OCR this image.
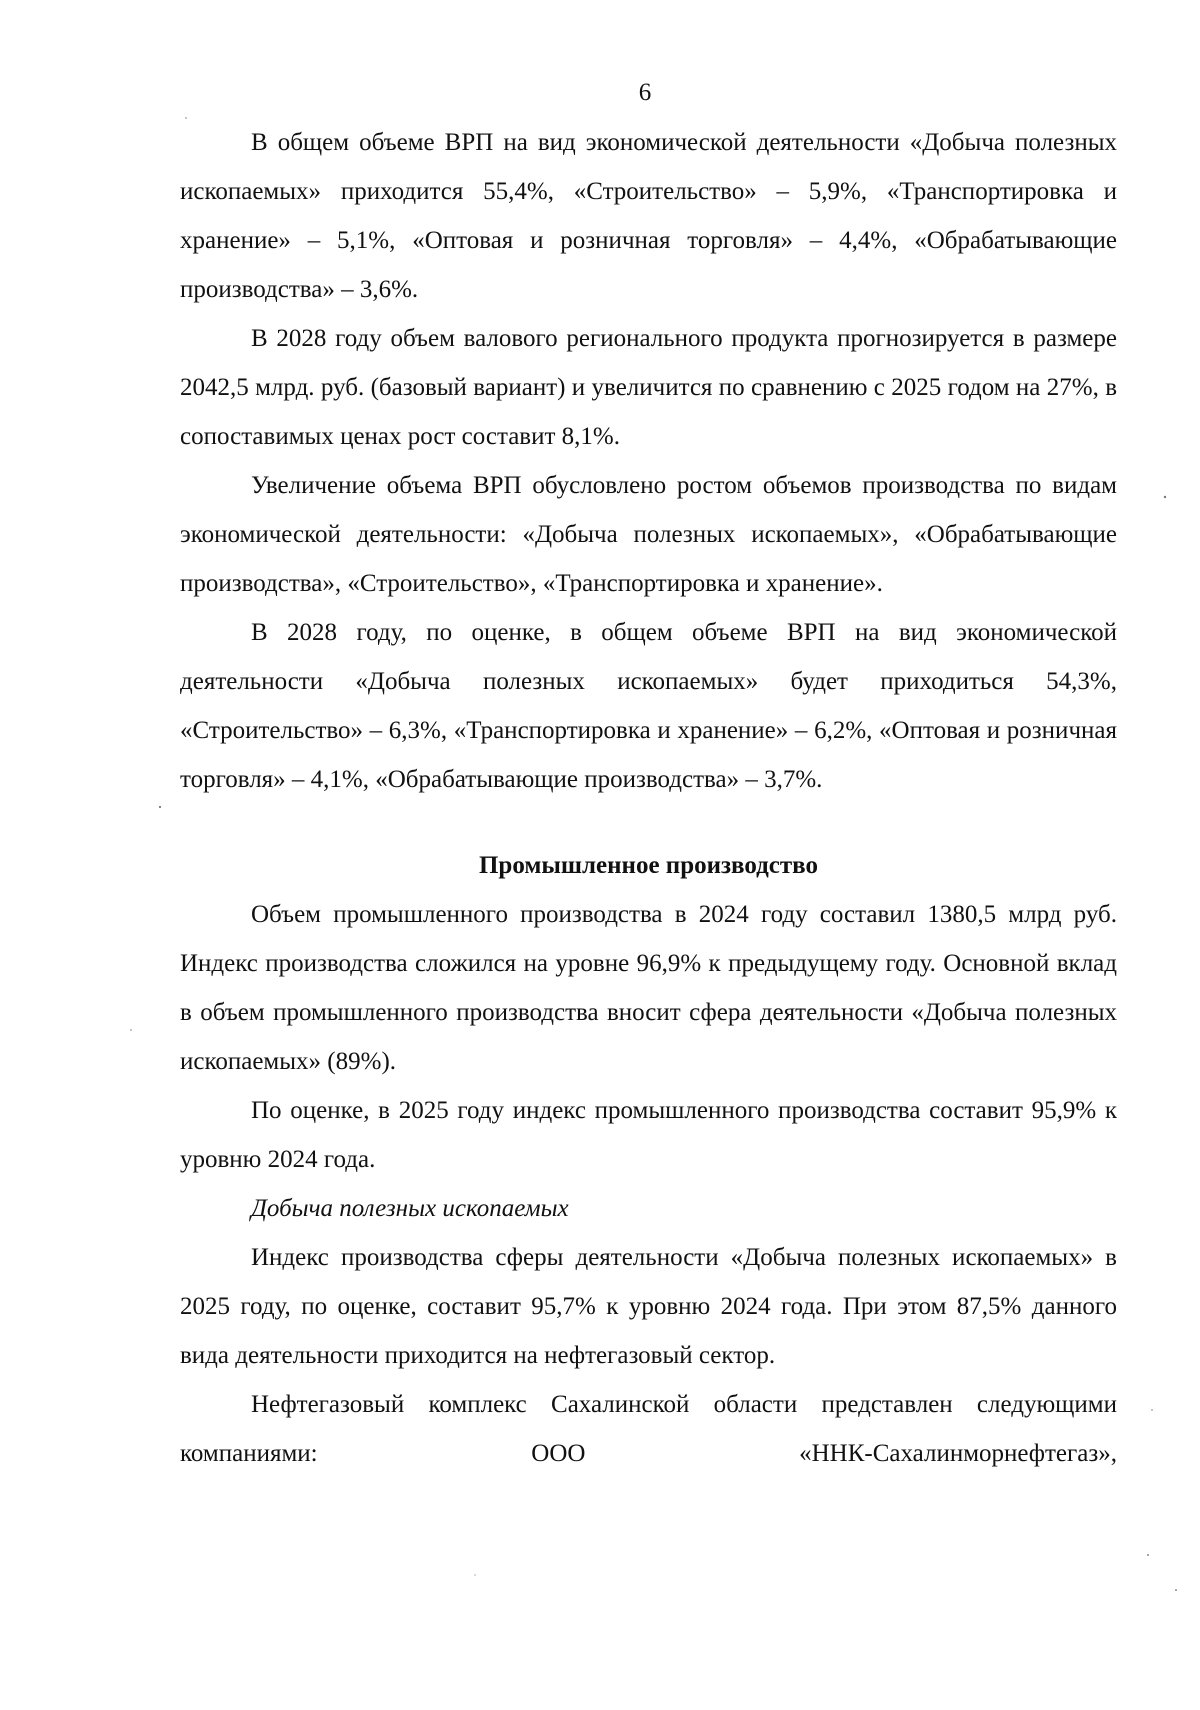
6

В общем объеме ВРП на вид экономической деятельности «Добыча полезных ископаемых» приходится 55,4%, «Строительство» – 5,9%, «Транспортировка и хранение» – 5,1%, «Оптовая и розничная торговля» – 4,4%, «Обрабатывающие производства» – 3,6%.

В 2028 году объем валового регионального продукта прогнозируется в размере 2042,5 млрд. руб. (базовый вариант) и увеличится по сравнению с 2025 годом на 27%, в сопоставимых ценах рост составит 8,1%.

Увеличение объема ВРП обусловлено ростом объемов производства по видам экономической деятельности: «Добыча полезных ископаемых», «Обрабатывающие производства», «Строительство», «Транспортировка и хранение».

В 2028 году, по оценке, в общем объеме ВРП на вид экономической деятельности «Добыча полезных ископаемых» будет приходиться 54,3%, «Строительство» – 6,3%, «Транспортировка и хранение» – 6,2%, «Оптовая и розничная торговля» – 4,1%, «Обрабатывающие производства» – 3,7%.

Промышленное производство

Объем промышленного производства в 2024 году составил 1380,5 млрд руб. Индекс производства сложился на уровне 96,9% к предыдущему году. Основной вклад в объем промышленного производства вносит сфера деятельности «Добыча полезных ископаемых» (89%).

По оценке, в 2025 году индекс промышленного производства составит 95,9% к уровню 2024 года.

Добыча полезных ископаемых

Индекс производства сферы деятельности «Добыча полезных ископаемых» в 2025 году, по оценке, составит 95,7% к уровню 2024 года. При этом 87,5% данного вида деятельности приходится на нефтегазовый сектор.

Нефтегазовый комплекс Сахалинской области представлен следующими компаниями: ООО «ННК-Сахалинморнефтегаз»,
